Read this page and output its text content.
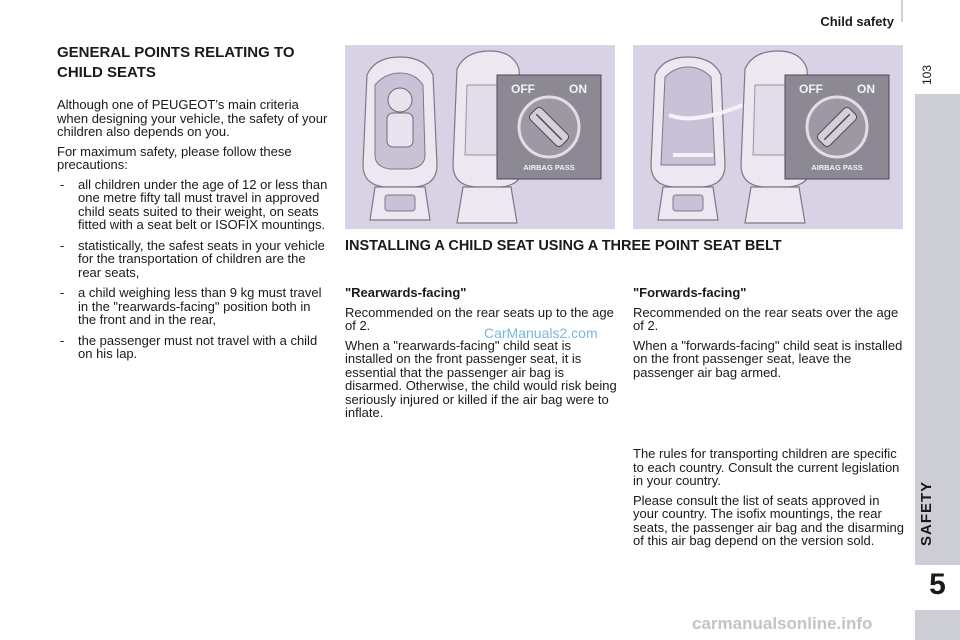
Child safety
103
SAFETY
5
GENERAL POINTS RELATING TO CHILD SEATS

Although one of PEUGEOT’s main criteria when designing your vehicle, the safety of your children also depends on you.

For maximum safety, please follow these precautions:

- all children under the age of 12 or less than one metre fifty tall must travel in approved child seats suited to their weight, on seats fitted with a seat belt or ISOFIX mountings.
- statistically, the safest seats in your vehicle for the transportation of children are the rear seats,
- a child weighing less than 9 kg must travel in the "rearwards-facing" position both in the front and in the rear,
- the passenger must not travel with a child on his lap.
OFF	ON
AIRBAG PASS
OFF	ON
AIRBAG PASS
INSTALLING A CHILD SEAT USING A THREE POINT SEAT BELT
"Rearwards-facing"

Recommended on the rear seats up to the age of 2.

When a "rearwards-facing" child seat is installed on the front passenger seat, it is essential that the passenger air bag is disarmed. Otherwise, the child would risk being seriously injured or killed if the air bag were to inflate.

"Forwards-facing"

Recommended on the rear seats over the age of 2.

When a "forwards-facing" child seat is installed on the front passenger seat, leave the passenger air bag armed.

The rules for transporting children are specific to each country. Consult the current legislation in your country.

Please consult the list of seats approved in your country. The isofix mountings, the rear seats, the passenger air bag and the disarming of this air bag depend on the version sold.

CarManuals2.com
carmanualsonline.info
